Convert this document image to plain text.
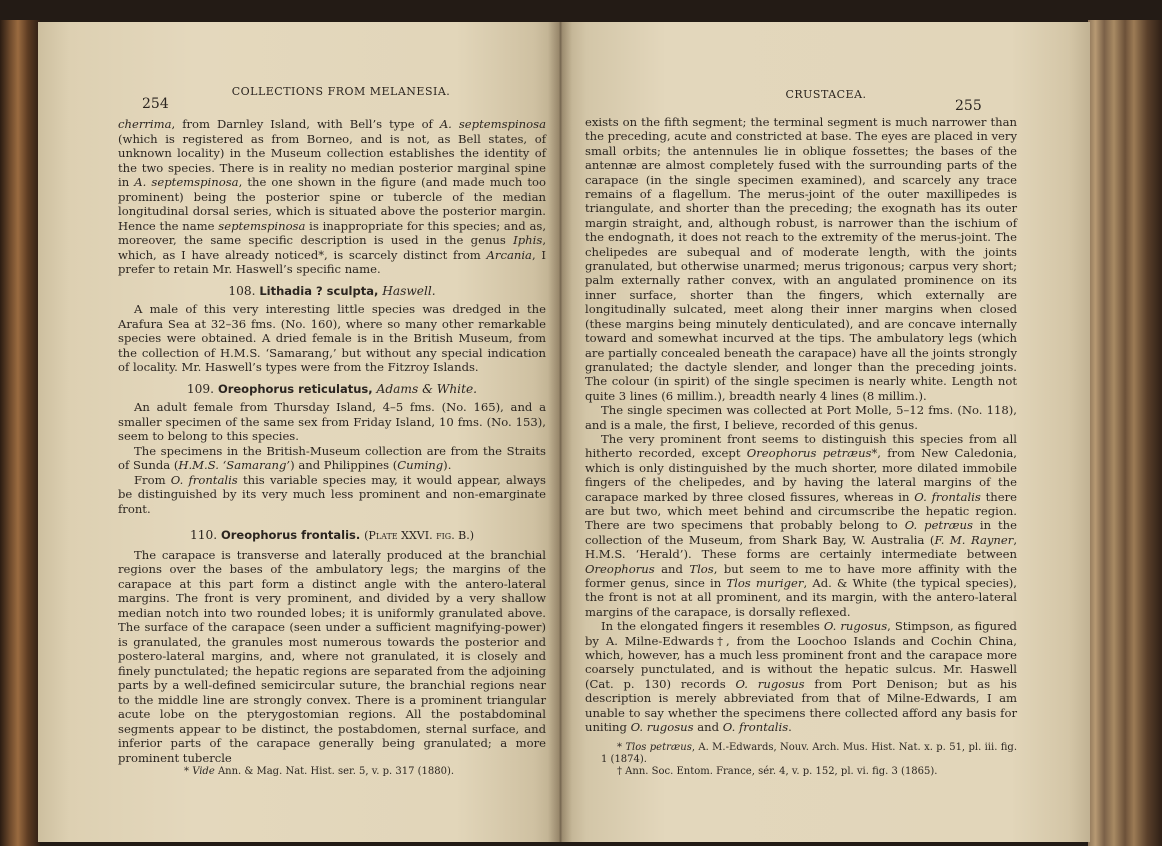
254
COLLECTIONS FROM MELANESIA.

cherrima, from Darnley Island, with Bell’s type of A. septemspinosa (which is registered as from Borneo, and is not, as Bell states, of unknown locality) in the Museum collection establishes the identity of the two species. There is in reality no median posterior marginal spine in A. septemspinosa, the one shown in the figure (and made much too prominent) being the posterior spine or tubercle of the median longitudinal dorsal series, which is situated above the posterior margin. Hence the name septemspinosa is inappropriate for this species; and as, moreover, the same specific description is used in the genus Iphis, which, as I have already noticed*, is scarcely distinct from Arcania, I prefer to retain Mr. Haswell’s specific name.

108. Lithadia ? sculpta, Haswell.

A male of this very interesting little species was dredged in the Arafura Sea at 32–36 fms. (No. 160), where so many other remarkable species were obtained. A dried female is in the British Museum, from the collection of H.M.S. ‘Samarang,’ but without any special indication of locality. Mr. Haswell’s types were from the Fitzroy Islands.

109. Oreophorus reticulatus, Adams & White.

An adult female from Thursday Island, 4–5 fms. (No. 165), and a smaller specimen of the same sex from Friday Island, 10 fms. (No. 153), seem to belong to this species.

The specimens in the British-Museum collection are from the Straits of Sunda (H.M.S. ‘Samarang’) and Philippines (Cuming).

From O. frontalis this variable species may, it would appear, always be distinguished by its very much less prominent and non-emarginate front.

110. Oreophorus frontalis. (Plate XXVI. fig. B.)

The carapace is transverse and laterally produced at the branchial regions over the bases of the ambulatory legs; the margins of the carapace at this part form a distinct angle with the antero-lateral margins. The front is very prominent, and divided by a very shallow median notch into two rounded lobes; it is uniformly granulated above. The surface of the carapace (seen under a sufficient magnifying-power) is granulated, the granules most numerous towards the posterior and postero-lateral margins, and, where not granulated, it is closely and finely punctulated; the hepatic regions are separated from the adjoining parts by a well-defined semicircular suture, the branchial regions near to the middle line are strongly convex. There is a prominent triangular acute lobe on the pterygostomian regions. All the postabdominal segments appear to be distinct, the postabdomen, sternal surface, and inferior parts of the carapace generally being granulated; a more prominent tubercle

* Vide Ann. & Mag. Nat. Hist. ser. 5, v. p. 317 (1880).

CRUSTACEA.
255

exists on the fifth segment; the terminal segment is much narrower than the preceding, acute and constricted at base. The eyes are placed in very small orbits; the antennules lie in oblique fossettes; the bases of the antennæ are almost completely fused with the surrounding parts of the carapace (in the single specimen examined), and scarcely any trace remains of a flagellum. The merus-joint of the outer maxillipedes is triangulate, and shorter than the preceding; the exognath has its outer margin straight, and, although robust, is narrower than the ischium of the endognath, it does not reach to the extremity of the merus-joint. The chelipedes are subequal and of moderate length, with the joints granulated, but otherwise unarmed; merus trigonous; carpus very short; palm externally rather convex, with an angulated prominence on its inner surface, shorter than the fingers, which externally are longitudinally sulcated, meet along their inner margins when closed (these margins being minutely denticulated), and are concave internally toward and somewhat incurved at the tips. The ambulatory legs (which are partially concealed beneath the carapace) have all the joints strongly granulated; the dactyle slender, and longer than the preceding joints. The colour (in spirit) of the single specimen is nearly white. Length not quite 3 lines (6 millim.), breadth nearly 4 lines (8 millim.).

The single specimen was collected at Port Molle, 5–12 fms. (No. 118), and is a male, the first, I believe, recorded of this genus.

The very prominent front seems to distinguish this species from all hitherto recorded, except Oreophorus petræus*, from New Caledonia, which is only distinguished by the much shorter, more dilated immobile fingers of the chelipedes, and by having the lateral margins of the carapace marked by three closed fissures, whereas in O. frontalis there are but two, which meet behind and circumscribe the hepatic region. There are two specimens that probably belong to O. petræus in the collection of the Museum, from Shark Bay, W. Australia (F. M. Rayner, H.M.S. ‘Herald’). These forms are certainly intermediate between Oreophorus and Tlos, but seem to me to have more affinity with the former genus, since in Tlos muriger, Ad. & White (the typical species), the front is not at all prominent, and its margin, with the antero-lateral margins of the carapace, is dorsally reflexed.

In the elongated fingers it resembles O. rugosus, Stimpson, as figured by A. Milne-Edwards†, from the Loochoo Islands and Cochin China, which, however, has a much less prominent front and the carapace more coarsely punctulated, and is without the hepatic sulcus. Mr. Haswell (Cat. p. 130) records O. rugosus from Port Denison; but as his description is merely abbreviated from that of Milne-Edwards, I am unable to say whether the specimens there collected afford any basis for uniting O. rugosus and O. frontalis.

* Tlos petræus, A. M.-Edwards, Nouv. Arch. Mus. Hist. Nat. x. p. 51, pl. iii. fig. 1 (1874).

† Ann. Soc. Entom. France, sér. 4, v. p. 152, pl. vi. fig. 3 (1865).
